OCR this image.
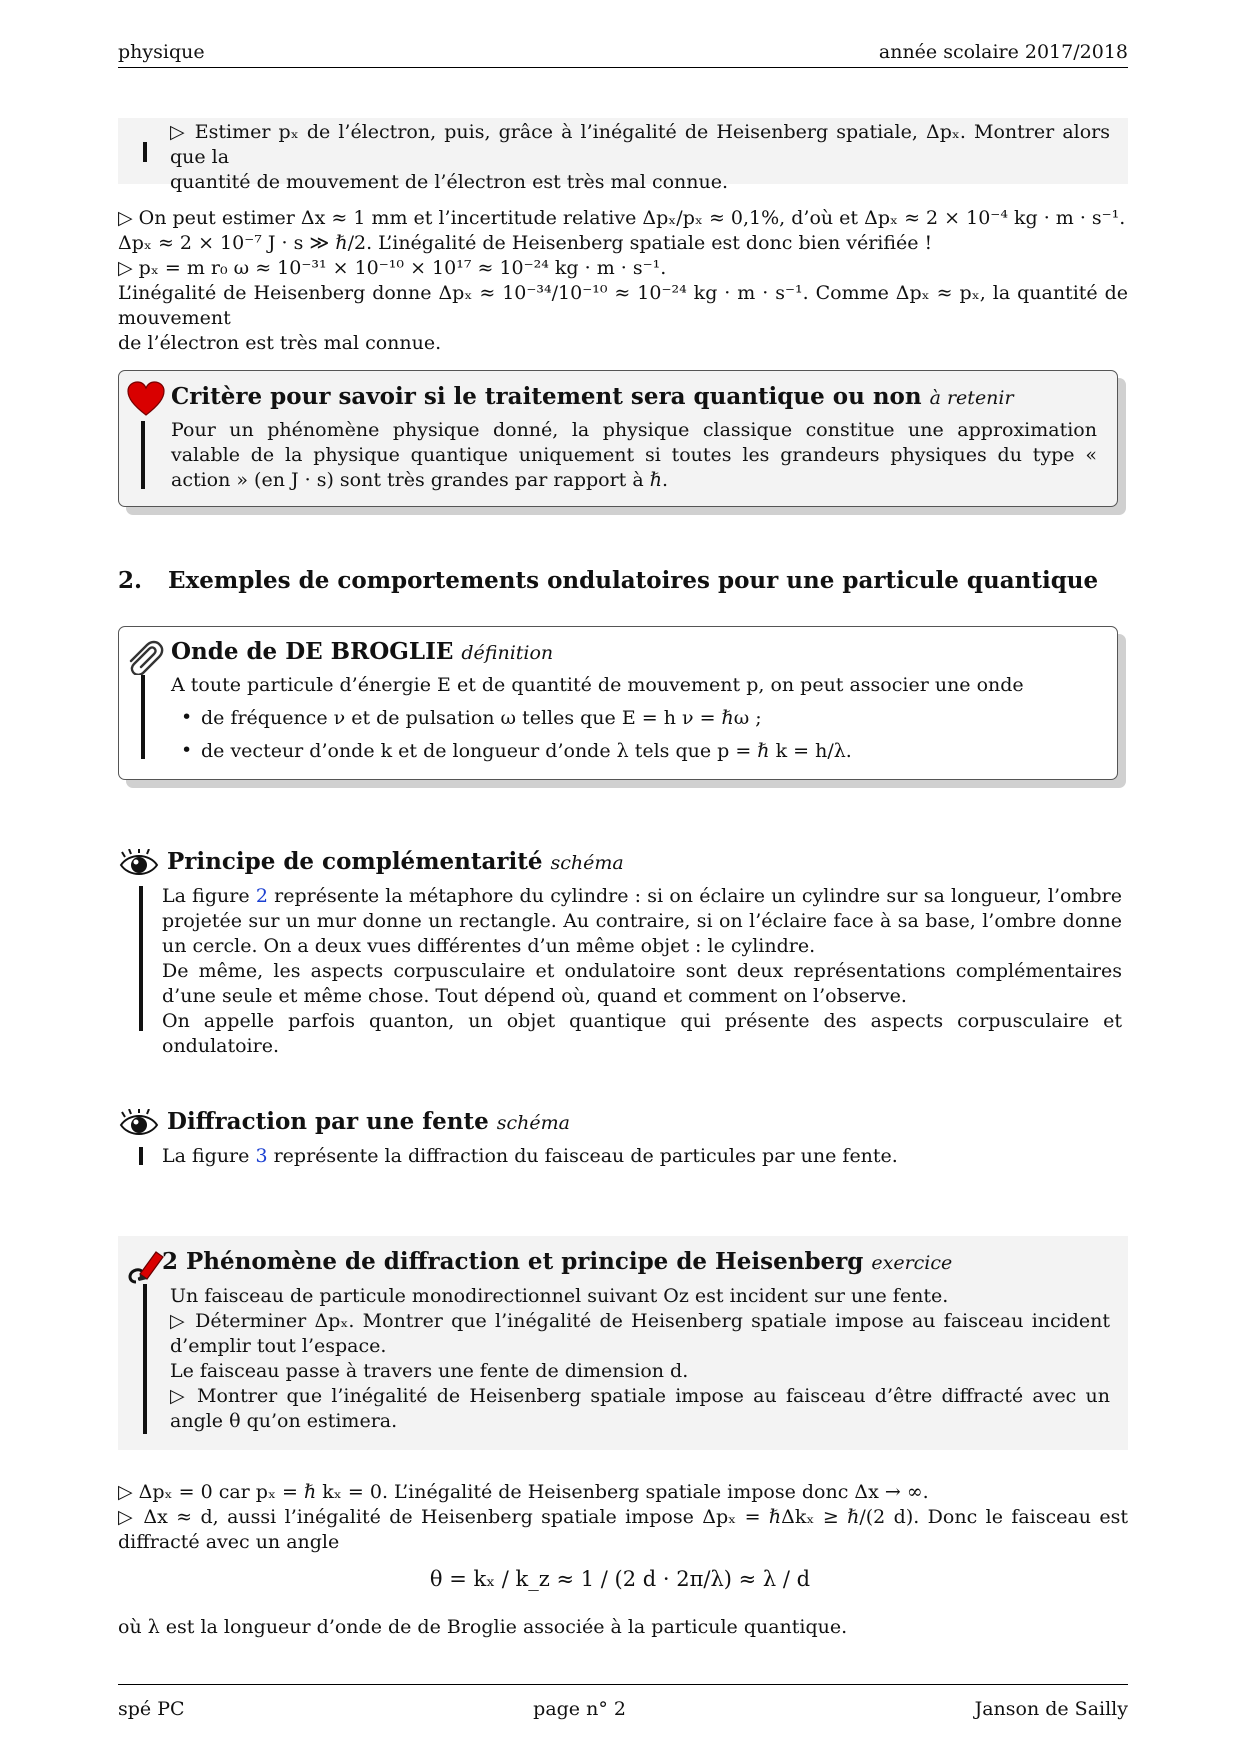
physique	année scolaire 2017/2018
▷ Estimer pₓ de l’électron, puis, grâce à l’inégalité de Heisenberg spatiale, Δpₓ. Montrer alors que la
quantité de mouvement de l’électron est très mal connue.
▷ On peut estimer Δx ≈ 1 mm et l’incertitude relative Δpₓ/pₓ ≈ 0,1%, d’où et Δpₓ ≈ 2 × 10⁻⁴ kg · m · s⁻¹.
Δpₓ ≈ 2 × 10⁻⁷ J · s ≫ ℏ/2. L’inégalité de Heisenberg spatiale est donc bien vérifiée !
▷ pₓ = m r₀ ω ≈ 10⁻³¹ × 10⁻¹⁰ × 10¹⁷ ≈ 10⁻²⁴ kg · m · s⁻¹.
L’inégalité de Heisenberg donne Δpₓ ≈ 10⁻³⁴/10⁻¹⁰ ≈ 10⁻²⁴ kg · m · s⁻¹. Comme Δpₓ ≈ pₓ, la quantité de mouvement
de l’électron est très mal connue.
Critère pour savoir si le traitement sera quantique ou non à retenir
Pour un phénomène physique donné, la physique classique constitue une approximation valable de la physique quantique uniquement si toutes les grandeurs physiques du type « action » (en J · s) sont très grandes par rapport à ℏ.
2. Exemples de comportements ondulatoires pour une particule quantique
Onde de DE BROGLIE définition
A toute particule d’énergie E et de quantité de mouvement p, on peut associer une onde
• de fréquence ν et de pulsation ω telles que E = h ν = ℏω ;
• de vecteur d’onde k et de longueur d’onde λ tels que p = ℏ k = h/λ.
Principe de complémentarité schéma
La figure 2 représente la métaphore du cylindre : si on éclaire un cylindre sur sa longueur, l’ombre projetée sur un mur donne un rectangle. Au contraire, si on l’éclaire face à sa base, l’ombre donne un cercle. On a deux vues différentes d’un même objet : le cylindre.
De même, les aspects corpusculaire et ondulatoire sont deux représentations complémentaires d’une seule et même chose. Tout dépend où, quand et comment on l’observe.
On appelle parfois quanton, un objet quantique qui présente des aspects corpusculaire et ondulatoire.
Diffraction par une fente schéma
La figure 3 représente la diffraction du faisceau de particules par une fente.
2 Phénomène de diffraction et principe de Heisenberg exercice
Un faisceau de particule monodirectionnel suivant Oz est incident sur une fente.
▷ Déterminer Δpₓ. Montrer que l’inégalité de Heisenberg spatiale impose au faisceau incident d’emplir tout l’espace.
Le faisceau passe à travers une fente de dimension d.
▷ Montrer que l’inégalité de Heisenberg spatiale impose au faisceau d’être diffracté avec un angle θ qu’on estimera.
▷ Δpₓ = 0 car pₓ = ℏ kₓ = 0. L’inégalité de Heisenberg spatiale impose donc Δx → ∞.
▷ Δx ≈ d, aussi l’inégalité de Heisenberg spatiale impose Δpₓ = ℏΔkₓ ≥ ℏ/(2 d). Donc le faisceau est diffracté avec un angle
θ = kₓ / k_z ≈ 1 / (2 d · 2π/λ) ≈ λ / d
où λ est la longueur d’onde de de Broglie associée à la particule quantique.
spé PC	page n° 2	Janson de Sailly
